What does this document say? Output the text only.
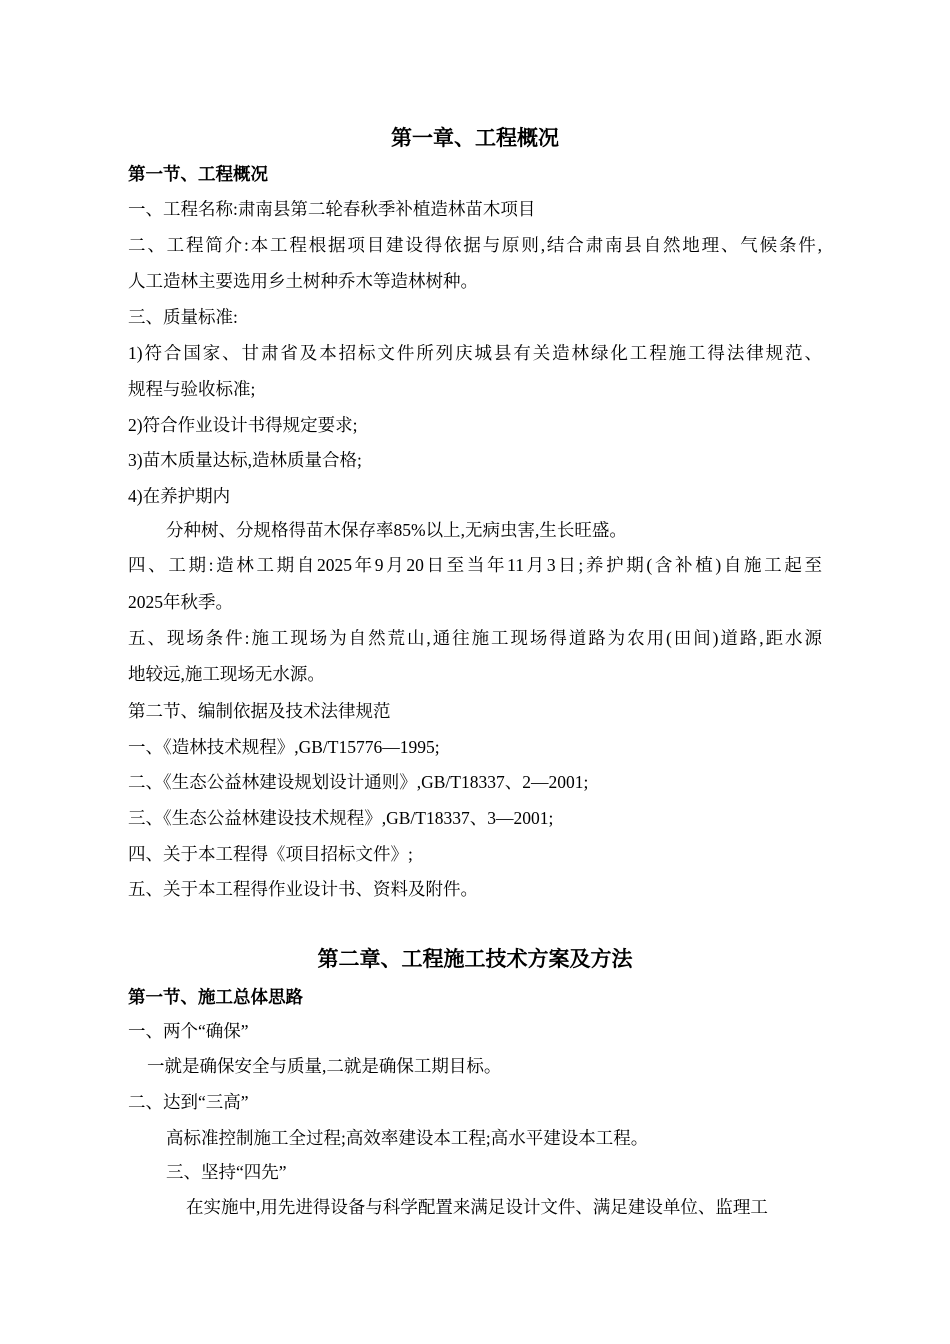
第一章、工程概况
第一节、工程概况
一、工程名称:肃南县第二轮春秋季补植造林苗木项目
二、工程简介:本工程根据项目建设得依据与原则,结合肃南县自然地理、气候条件,
人工造林主要选用乡土树种乔木等造林树种。
三、质量标准:
1)符合国家、甘肃省及本招标文件所列庆城县有关造林绿化工程施工得法律规范、
规程与验收标准;
2)符合作业设计书得规定要求;
3)苗木质量达标,造林质量合格;
4)在养护期内
分种树、分规格得苗木保存率85%以上,无病虫害,生长旺盛。
四、工期:造林工期自2025年9月20日至当年11月3日;养护期(含补植)自施工起至
2025年秋季。
五、现场条件:施工现场为自然荒山,通往施工现场得道路为农用(田间)道路,距水源
地较远,施工现场无水源。
第二节、编制依据及技术法律规范
一、《造林技术规程》,GB/T15776—1995;
二、《生态公益林建设规划设计通则》,GB/T18337、2—2001;
三、《生态公益林建设技术规程》,GB/T18337、3—2001;
四、关于本工程得《项目招标文件》;
五、关于本工程得作业设计书、资料及附件。
第二章、工程施工技术方案及方法
第一节、施工总体思路
一、两个“确保”
一就是确保安全与质量,二就是确保工期目标。
二、达到“三高”
高标准控制施工全过程;高效率建设本工程;高水平建设本工程。
三、坚持“四先”
在实施中,用先进得设备与科学配置来满足设计文件、满足建设单位、监理工
